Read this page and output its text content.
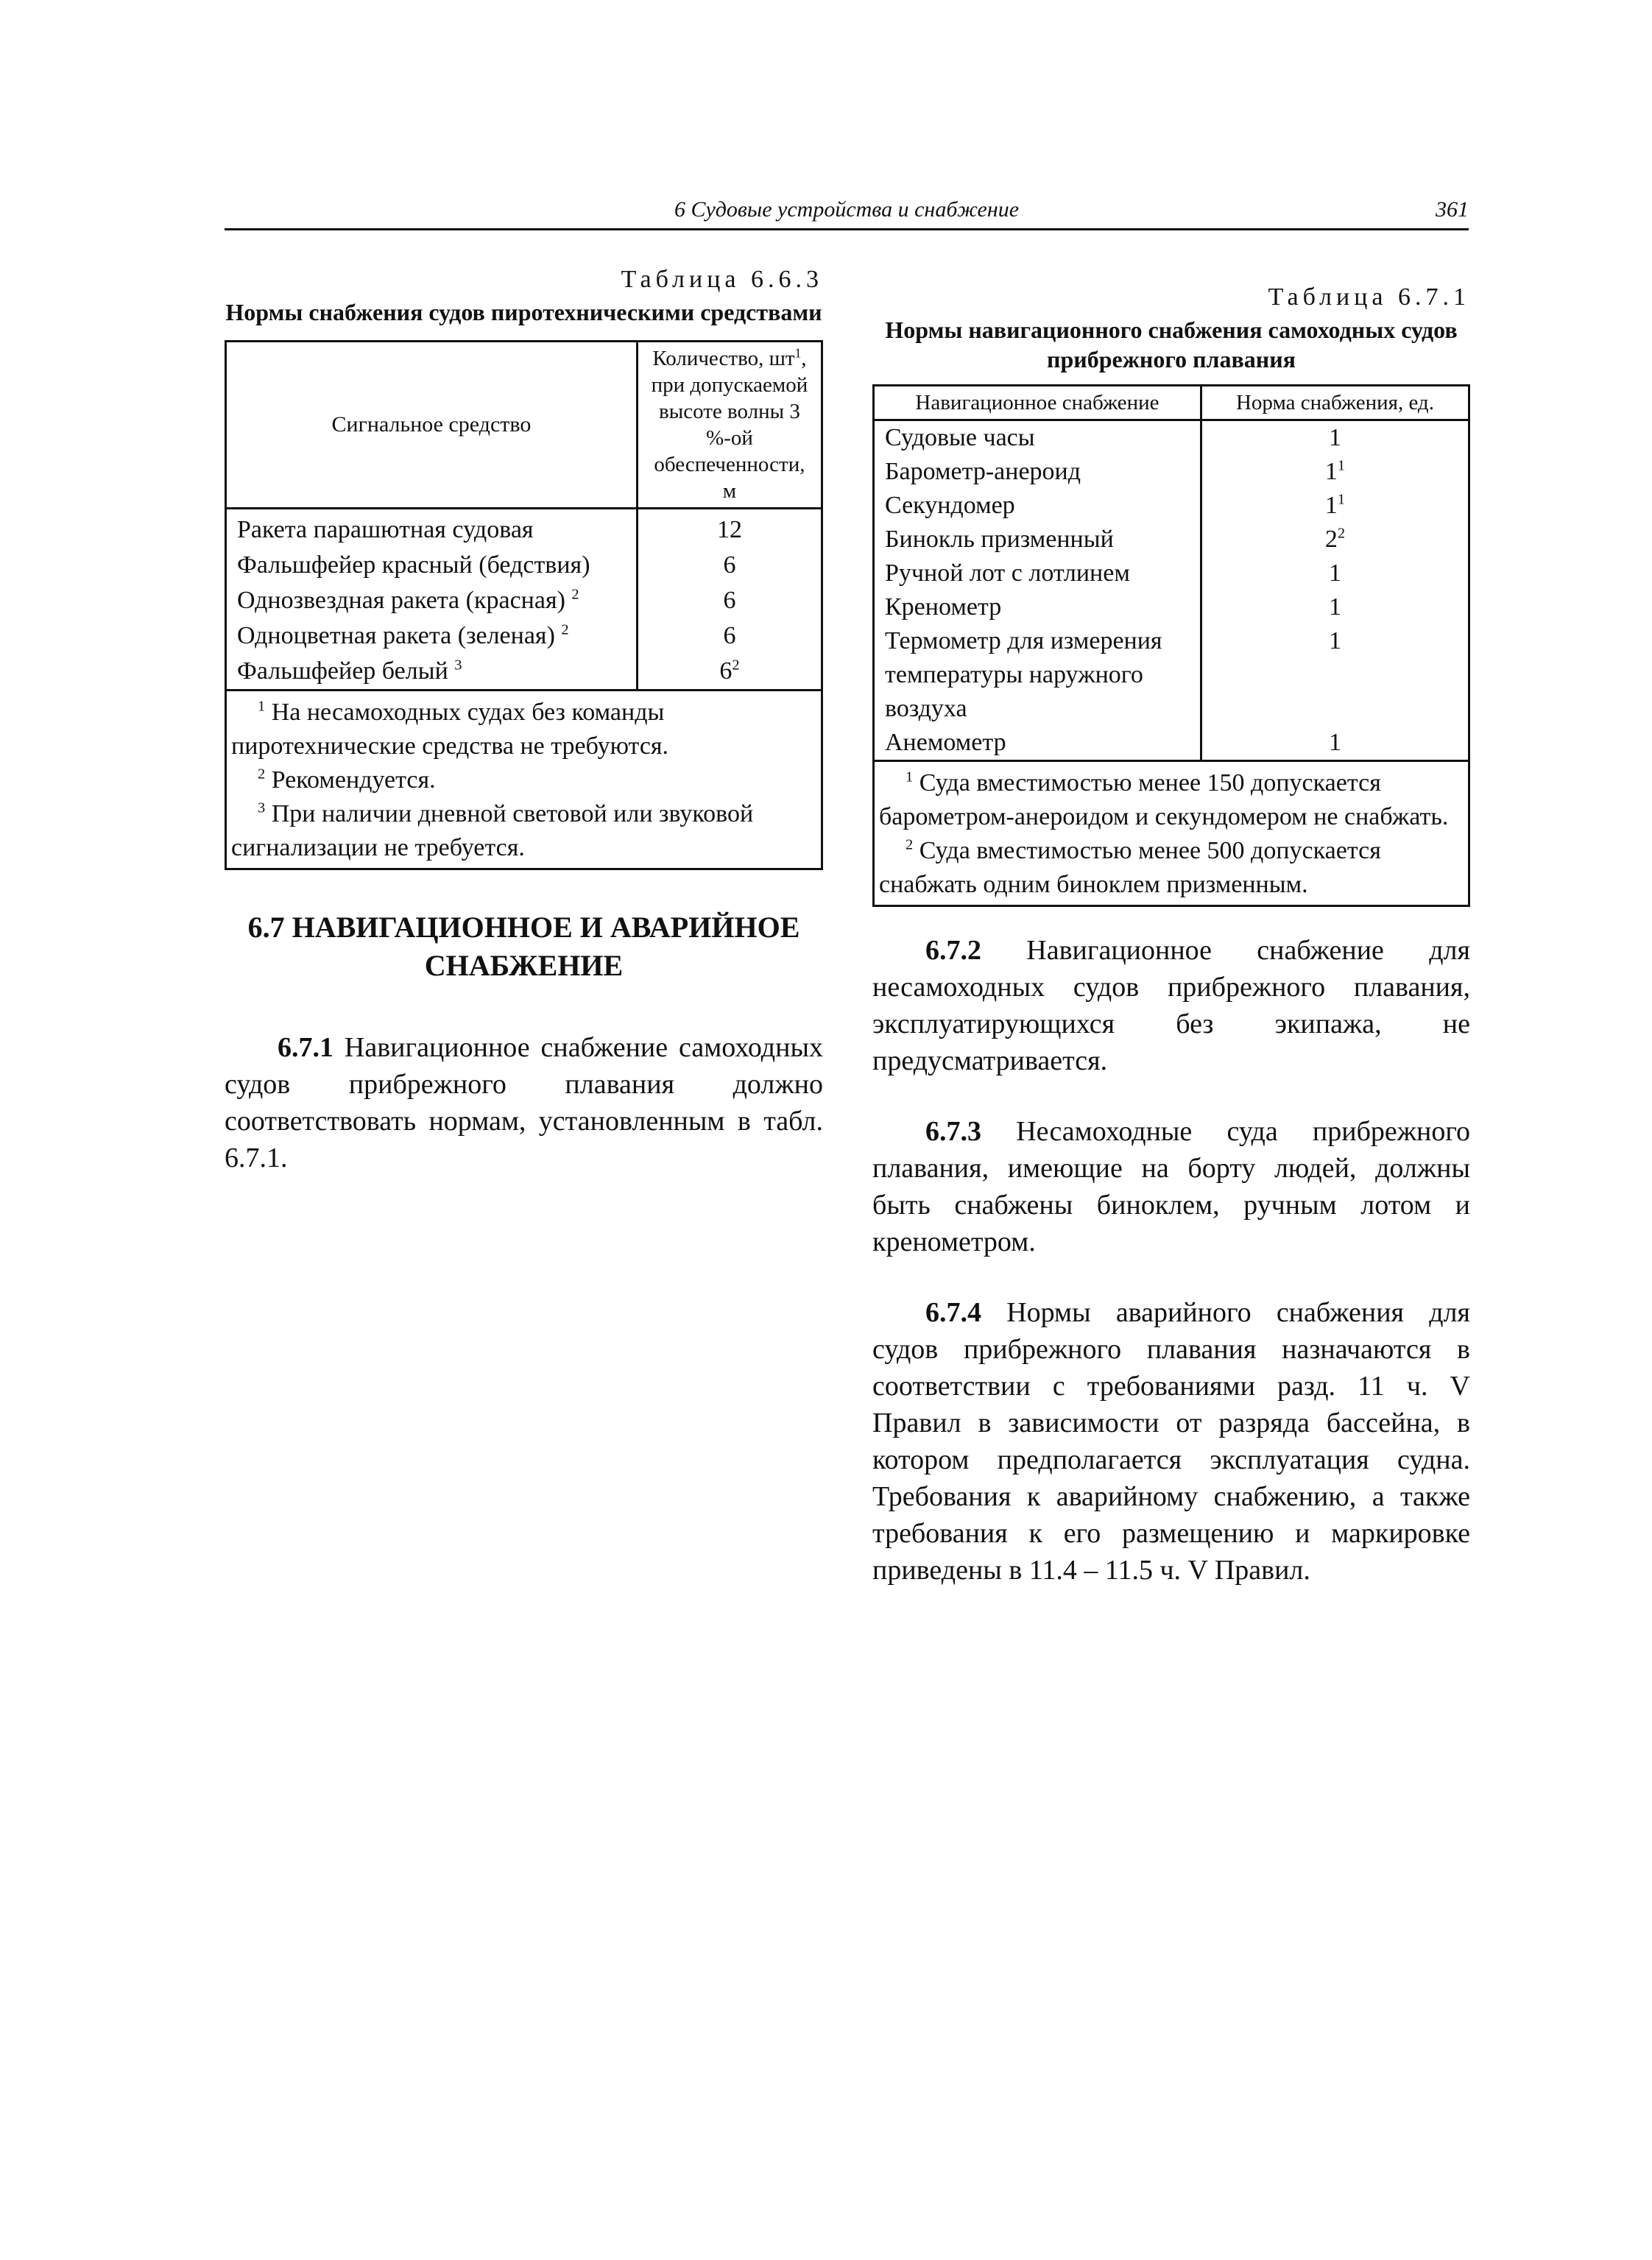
6 Судовые устройства и снабжение	361
Таблица 6.6.3
Нормы снабжения судов пиротехническими средствами
Сигнальное средство	Количество, $шт^1$, при допускаемой высоте волны 3 %-ой обеспеченности, м
Ракета парашютная судовая	12
Фальшфейер красный (бедствия)	6
Однозвездная ракета (красная) $^2$	6
Одноцветная ракета (зеленая) $^2$	6
Фальшфейер белый $^3$	$6^2$

$^1$ На несамоходных судах без команды пиротехнические средства не требуются.
$^2$ Рекомендуется.
$^3$ При наличии дневной световой или звуковой сигнализации не требуется.	
6.7 НАВИГАЦИОННОЕ И АВАРИЙНОЕ СНАБЖЕНИЕ
6.7.1 Навигационное снабжение самоходных судов прибрежного плавания должно соответствовать нормам, установленным в табл. 6.7.1.
Таблица 6.7.1
Нормы навигационного снабжения самоходных судов прибрежного плавания
Навигационное снабжение	Норма снабжения, ед.
Судовые часы	1
Барометр-анероид	$1^1$
Секундомер	$1^1$
Бинокль призменный	$2^2$
Ручной лот с лотлинем	1
Кренометр	1
Термометр для измерения температуры наружного воздуха	1
Анемометр	1

$^1$ Суда вместимостью менее 150 допускается барометром-анероидом и секундомером не снабжать.
$^2$ Суда вместимостью менее 500 допускается снабжать одним биноклем призменным.	
6.7.2 Навигационное снабжение для несамоходных судов прибрежного плавания, эксплуатирующихся без экипажа, не предусматривается.
6.7.3 Несамоходные суда прибрежного плавания, имеющие на борту людей, должны быть снабжены биноклем, ручным лотом и кренометром.
6.7.4 Нормы аварийного снабжения для судов прибрежного плавания назначаются в соответствии с требованиями разд. 11 ч. V Правил в зависимости от разряда бассейна, в котором предполагается эксплуатация судна. Требования к аварийному снабжению, а также требования к его размещению и маркировке приведены в 11.4 – 11.5 ч. V Правил.
